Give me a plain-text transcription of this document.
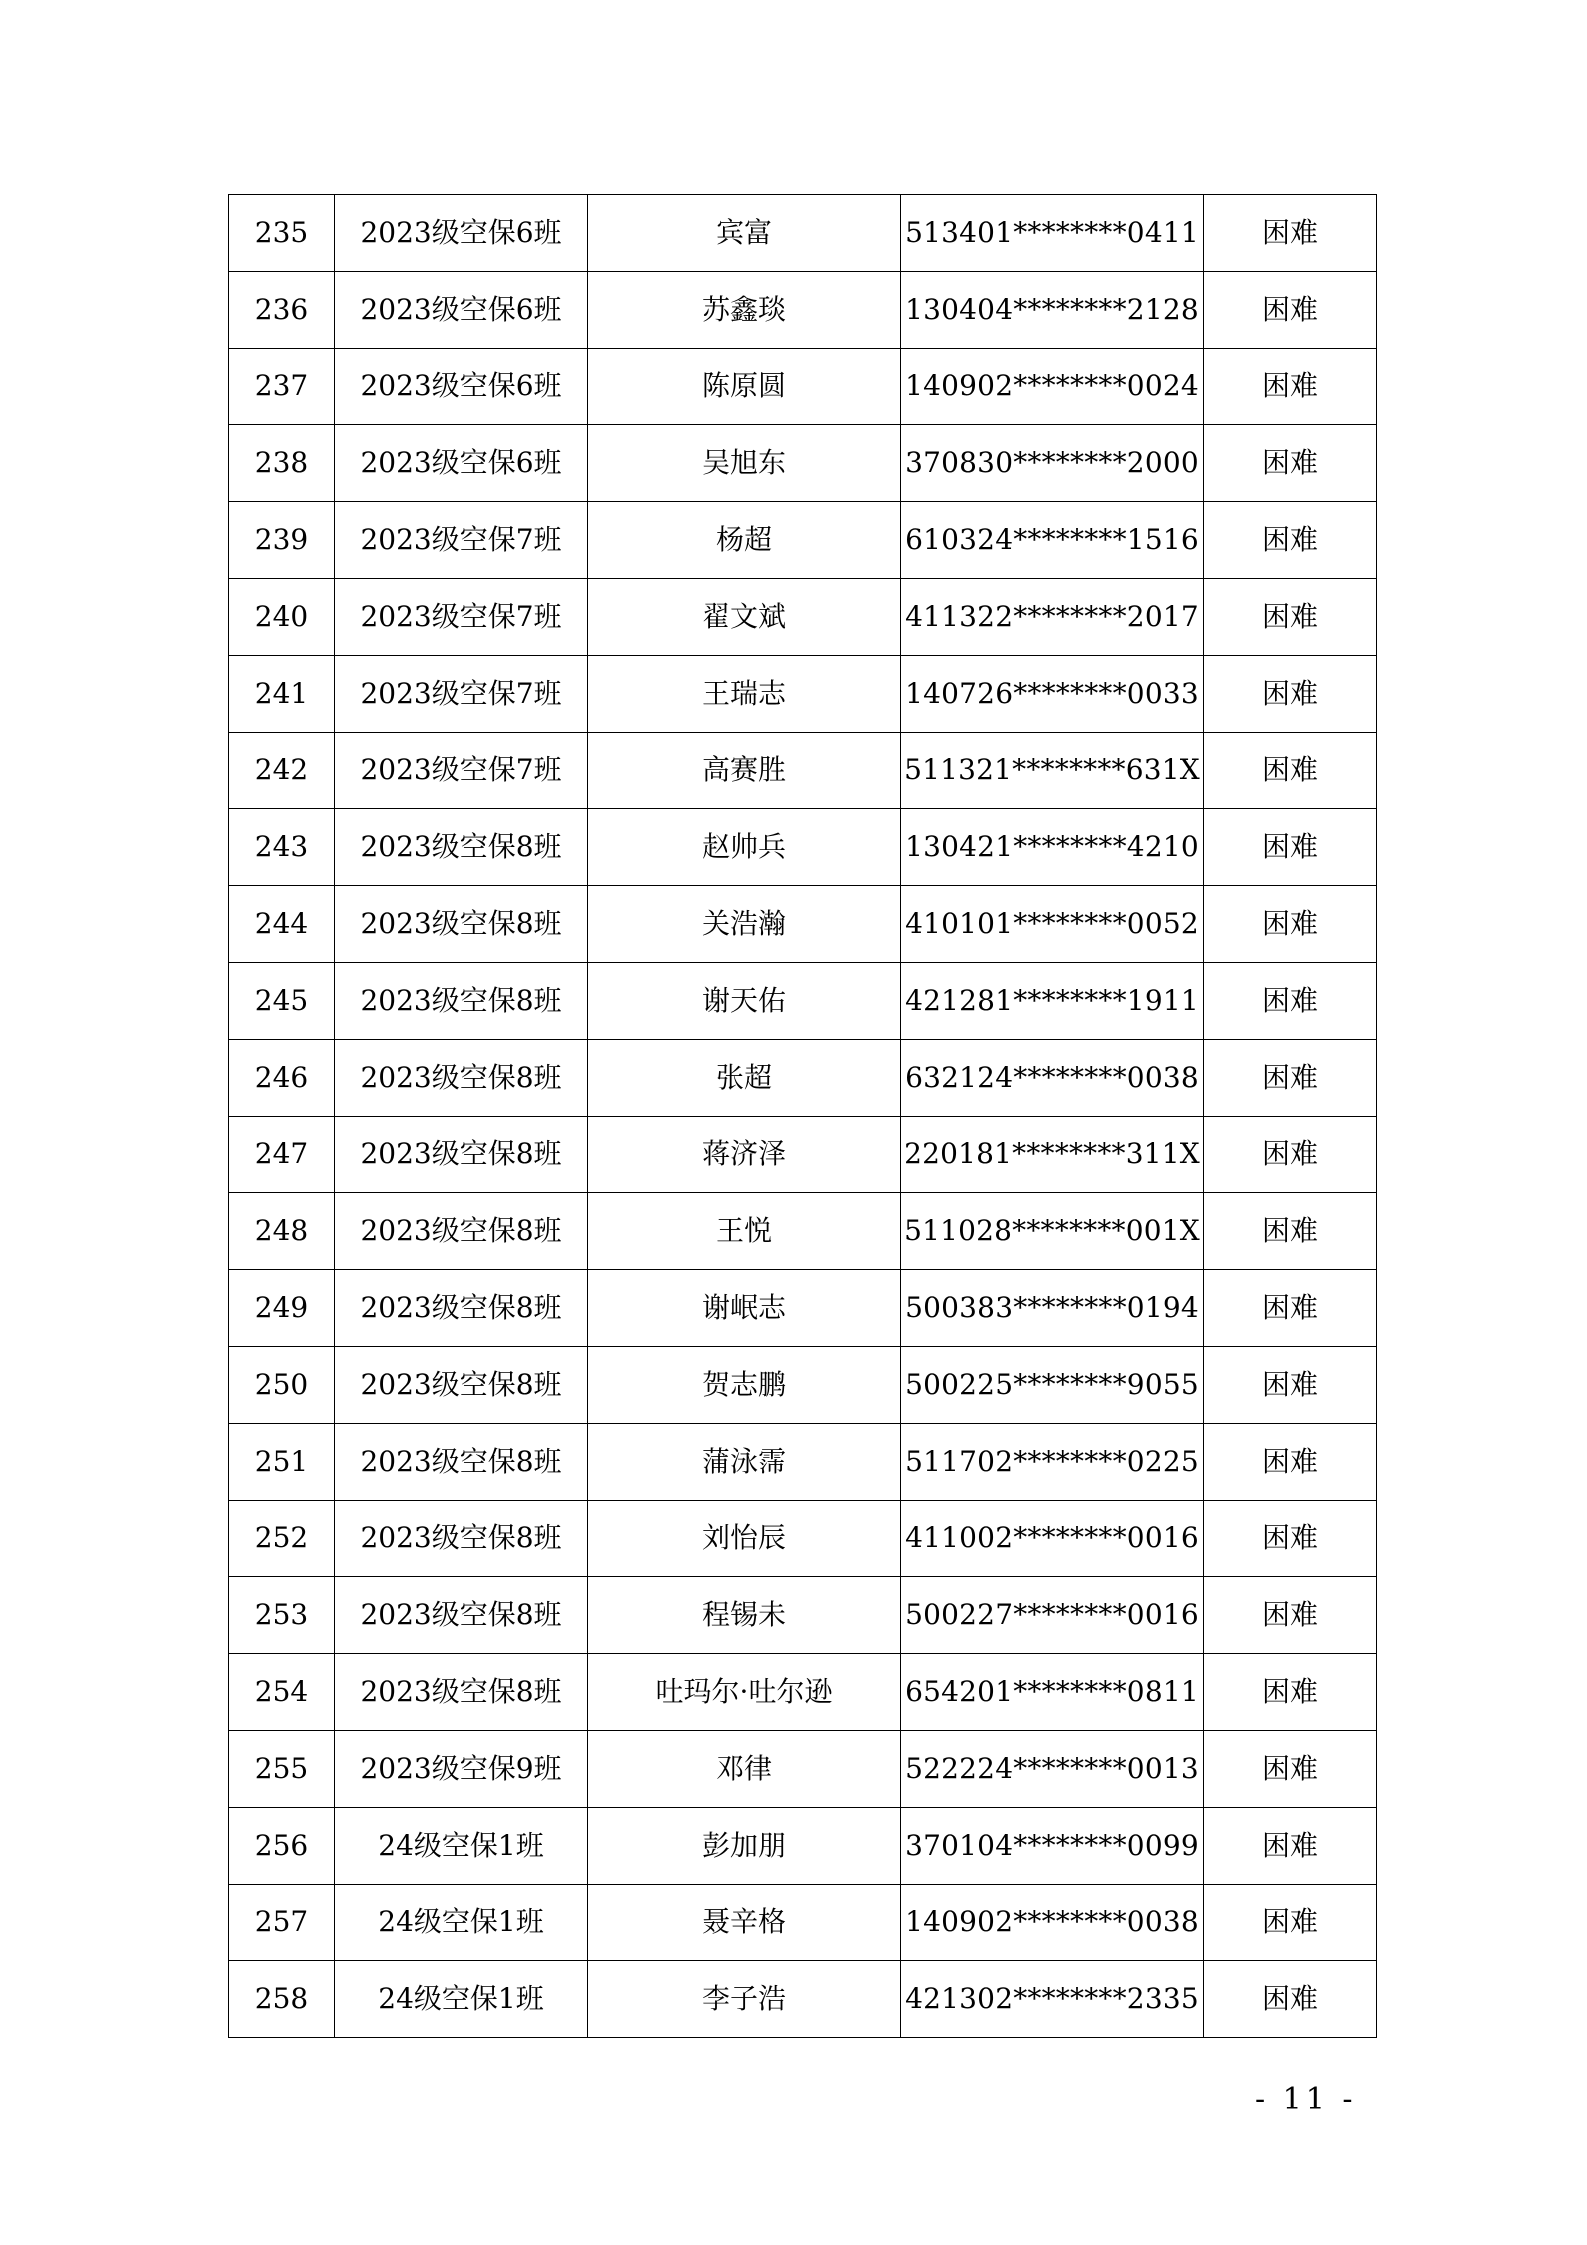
235	2023级空保6班	宾富	513401********0411	困难
236	2023级空保6班	苏鑫琰	130404********2128	困难
237	2023级空保6班	陈原圆	140902********0024	困难
238	2023级空保6班	吴旭东	370830********2000	困难
239	2023级空保7班	杨超	610324********1516	困难
240	2023级空保7班	翟文斌	411322********2017	困难
241	2023级空保7班	王瑞志	140726********0033	困难
242	2023级空保7班	高赛胜	511321********631X	困难
243	2023级空保8班	赵帅兵	130421********4210	困难
244	2023级空保8班	关浩瀚	410101********0052	困难
245	2023级空保8班	谢天佑	421281********1911	困难
246	2023级空保8班	张超	632124********0038	困难
247	2023级空保8班	蒋济泽	220181********311X	困难
248	2023级空保8班	王悦	511028********001X	困难
249	2023级空保8班	谢岷志	500383********0194	困难
250	2023级空保8班	贺志鹏	500225********9055	困难
251	2023级空保8班	蒲泳霈	511702********0225	困难
252	2023级空保8班	刘怡辰	411002********0016	困难
253	2023级空保8班	程锡未	500227********0016	困难
254	2023级空保8班	吐玛尔·吐尔逊	654201********0811	困难
255	2023级空保9班	邓律	522224********0013	困难
256	24级空保1班	彭加朋	370104********0099	困难
257	24级空保1班	聂辛格	140902********0038	困难
258	24级空保1班	李子浩	421302********2335	困难
- 11 -
